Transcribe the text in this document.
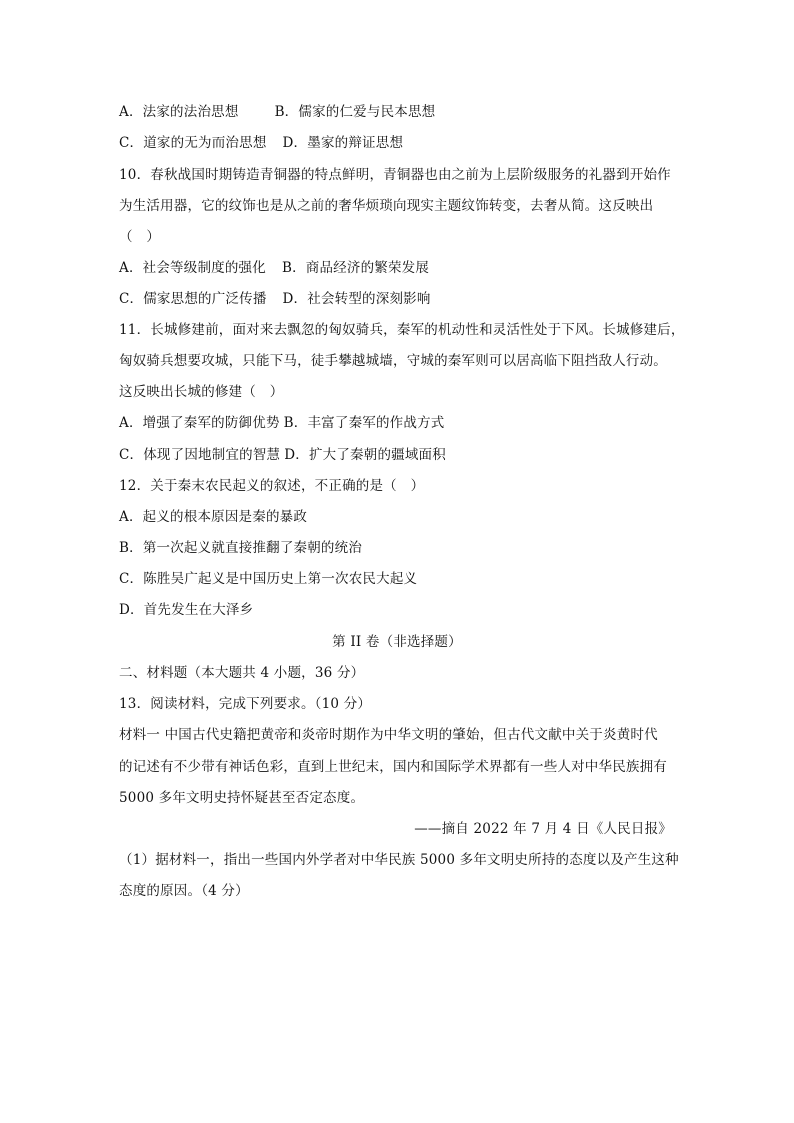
A．法家的法治思想	B．儒家的仁爱与民本思想
C．道家的无为而治思想 D．墨家的辩证思想
10．春秋战国时期铸造青铜器的特点鲜明，青铜器也由之前为上层阶级服务的礼器到开始作
为生活用器，它的纹饰也是从之前的奢华烦琐向现实主题纹饰转变，去奢从简。这反映出
（　）
A．社会等级制度的强化 B．商品经济的繁荣发展
C．儒家思想的广泛传播 D．社会转型的深刻影响
11．长城修建前，面对来去飘忽的匈奴骑兵，秦军的机动性和灵活性处于下风。长城修建后，
匈奴骑兵想要攻城，只能下马，徒手攀越城墙，守城的秦军则可以居高临下阻挡敌人行动。
这反映出长城的修建（　）
A．增强了秦军的防御优势 B．丰富了秦军的作战方式
C．体现了因地制宜的智慧 D．扩大了秦朝的疆域面积
12．关于秦末农民起义的叙述，不正确的是（　）
A．起义的根本原因是秦的暴政
B．第一次起义就直接推翻了秦朝的统治
C．陈胜吴广起义是中国历史上第一次农民大起义
D．首先发生在大泽乡
第 II 卷（非选择题）
二、材料题（本大题共 4 小题，36 分）
13．阅读材料，完成下列要求。（10 分）
材料一 中国古代史籍把黄帝和炎帝时期作为中华文明的肇始，但古代文献中关于炎黄时代
的记述有不少带有神话色彩，直到上世纪末，国内和国际学术界都有一些人对中华民族拥有
5000 多年文明史持怀疑甚至否定态度。
——摘自 2022 年 7 月 4 日《人民日报》
（1）据材料一，指出一些国内外学者对中华民族 5000 多年文明史所持的态度以及产生这种
态度的原因。（4 分）
